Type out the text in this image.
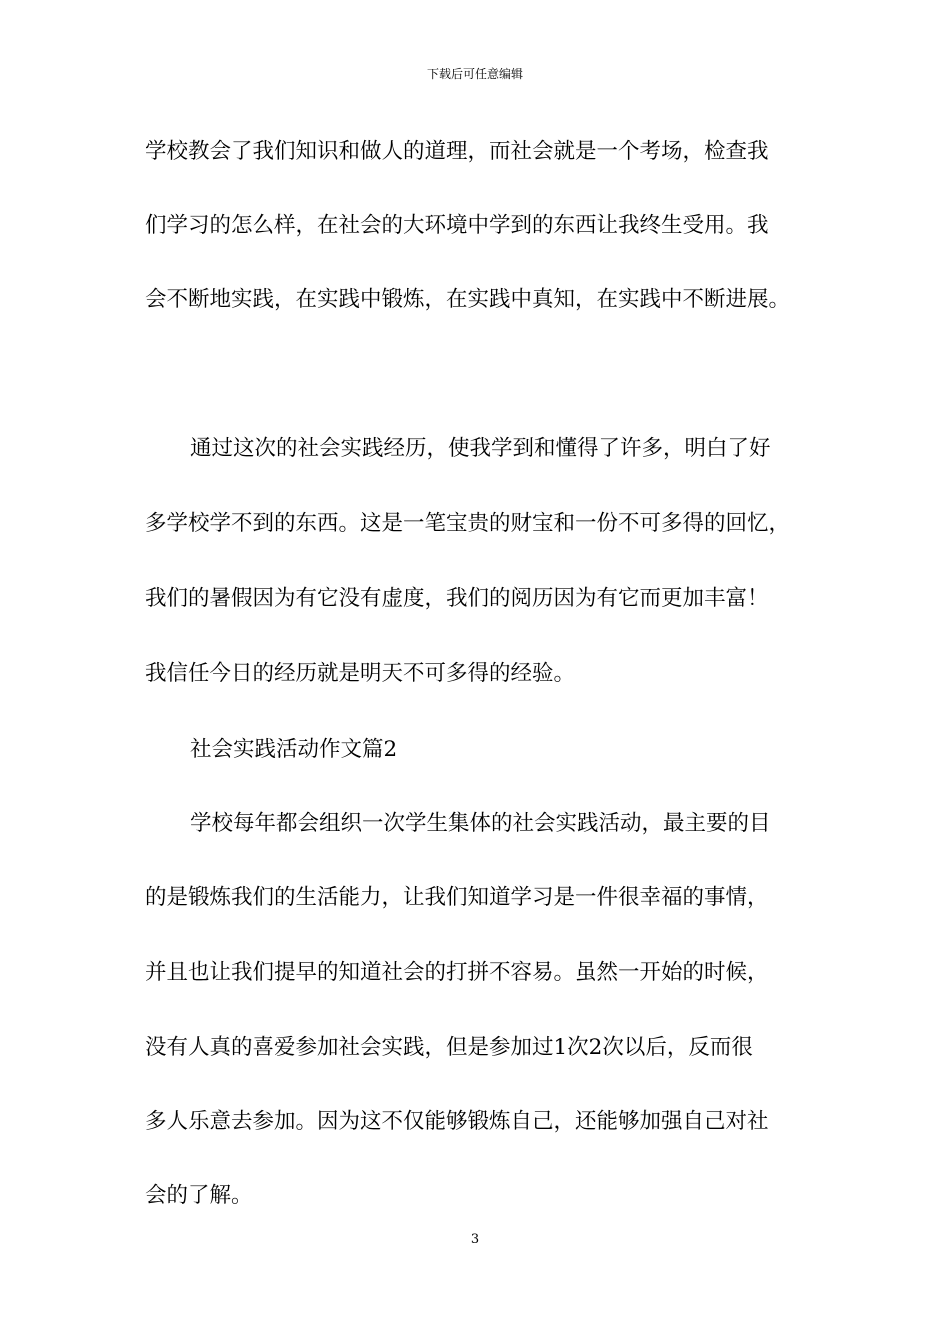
下载后可任意编辑
学校教会了我们知识和做人的道理，而社会就是一个考场，检查我
们学习的怎么样，在社会的大环境中学到的东西让我终生受用。我
会不断地实践，在实践中锻炼，在实践中真知，在实践中不断进展。
通过这次的社会实践经历，使我学到和懂得了许多，明白了好
多学校学不到的东西。这是一笔宝贵的财宝和一份不可多得的回忆，
我们的暑假因为有它没有虚度，我们的阅历因为有它而更加丰富！
我信任今日的经历就是明天不可多得的经验。
社会实践活动作文篇2
学校每年都会组织一次学生集体的社会实践活动，最主要的目
的是锻炼我们的生活能力，让我们知道学习是一件很幸福的事情，
并且也让我们提早的知道社会的打拼不容易。虽然一开始的时候，
没有人真的喜爱参加社会实践，但是参加过1次2次以后，反而很
多人乐意去参加。因为这不仅能够锻炼自己，还能够加强自己对社
会的了解。
3
